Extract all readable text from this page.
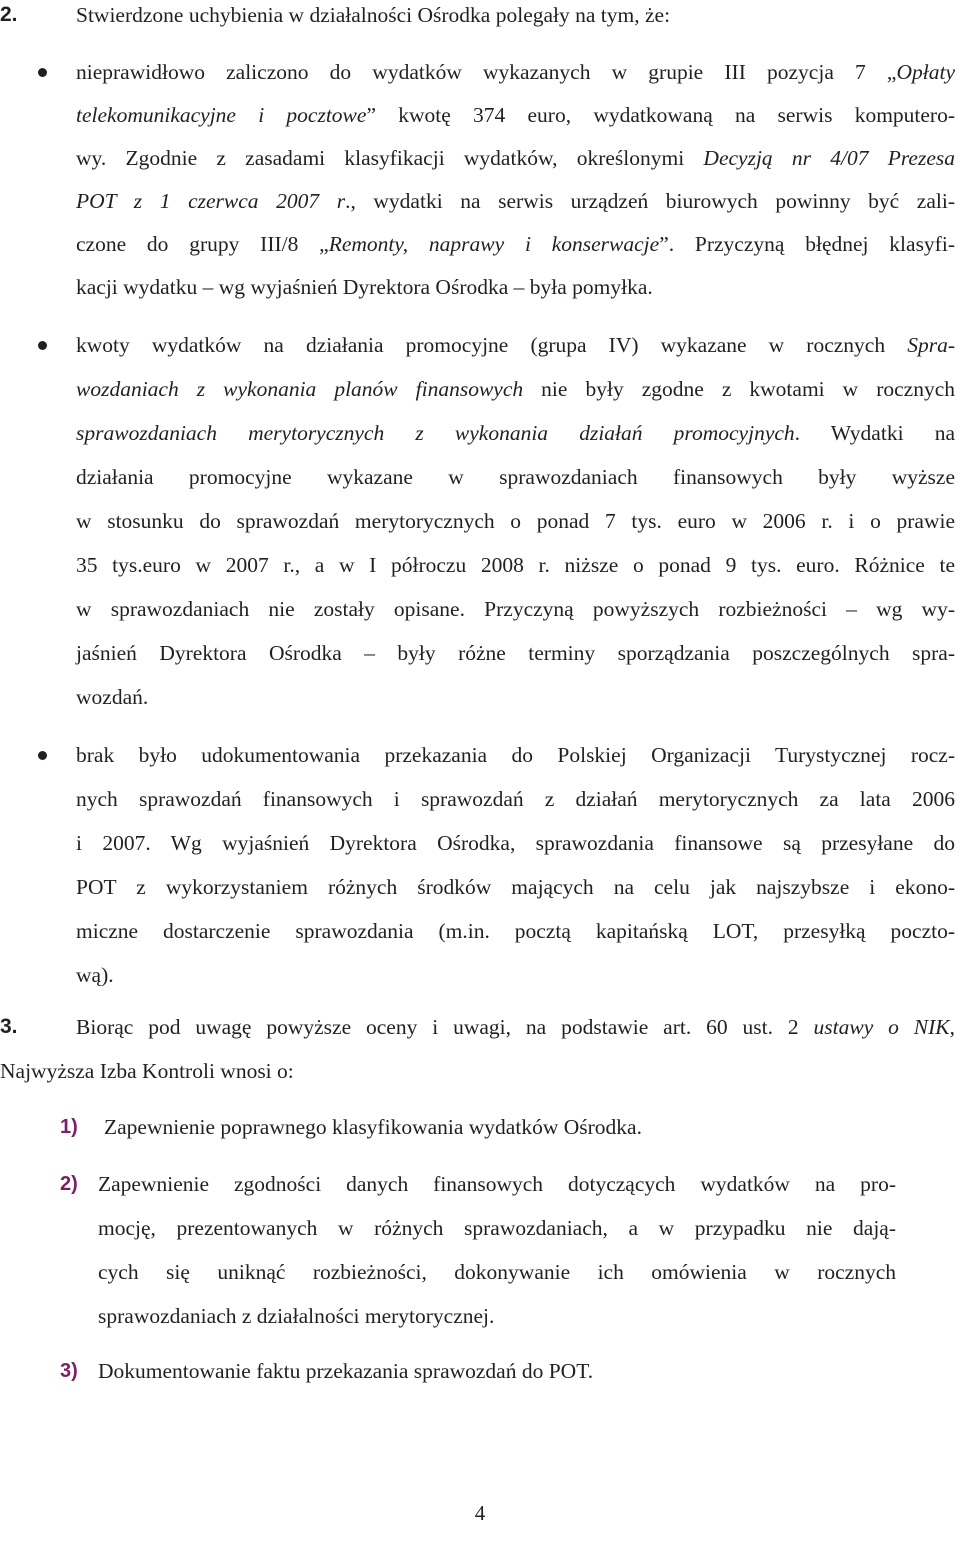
2.	Stwierdzone uchybienia w działalności Ośrodka polegały na tym, że:
nieprawidłowo zaliczono do wydatków wykazanych w grupie III pozycja 7 „Opłaty
telekomunikacyjne i pocztowe” kwotę 374 euro, wydatkowaną na serwis komputero-
wy. Zgodnie z zasadami klasyfikacji wydatków, określonymi Decyzją nr 4/07 Prezesa
POT z 1 czerwca 2007 r., wydatki na serwis urządzeń biurowych powinny być zali-
czone do grupy III/8 „Remonty, naprawy i konserwacje”. Przyczyną błędnej klasyfi-
kacji wydatku – wg wyjaśnień Dyrektora Ośrodka – była pomyłka.
kwoty wydatków na działania promocyjne (grupa IV) wykazane w rocznych Spra-
wozdaniach z wykonania planów finansowych nie były zgodne z kwotami w rocznych
sprawozdaniach merytorycznych z wykonania działań promocyjnych. Wydatki na
działania promocyjne wykazane w sprawozdaniach finansowych były wyższe
w stosunku do sprawozdań merytorycznych o ponad 7 tys. euro w 2006 r. i o prawie
35 tys.euro w 2007 r., a w I półroczu 2008 r. niższe o ponad 9 tys. euro. Różnice te
w sprawozdaniach nie zostały opisane. Przyczyną powyższych rozbieżności – wg wy-
jaśnień Dyrektora Ośrodka – były różne terminy sporządzania poszczególnych spra-
wozdań.
brak było udokumentowania przekazania do Polskiej Organizacji Turystycznej rocz-
nych sprawozdań finansowych i sprawozdań z działań merytorycznych za lata 2006
i 2007. Wg wyjaśnień Dyrektora Ośrodka, sprawozdania finansowe są przesyłane do
POT z wykorzystaniem różnych środków mających na celu jak najszybsze i ekono-
miczne dostarczenie sprawozdania (m.in. pocztą kapitańską LOT, przesyłką poczto-
wą).
3.	Biorąc pod uwagę powyższe oceny i uwagi, na podstawie art. 60 ust. 2 ustawy o NIK,
Najwyższa Izba Kontroli wnosi o:
1) Zapewnienie poprawnego klasyfikowania wydatków Ośrodka.
2) Zapewnienie zgodności danych finansowych dotyczących wydatków na pro-
mocję, prezentowanych w różnych sprawozdaniach, a w przypadku nie dają-
cych się uniknąć rozbieżności, dokonywanie ich omówienia w rocznych
sprawozdaniach z działalności merytorycznej.
3) Dokumentowanie faktu przekazania sprawozdań do POT.
4
